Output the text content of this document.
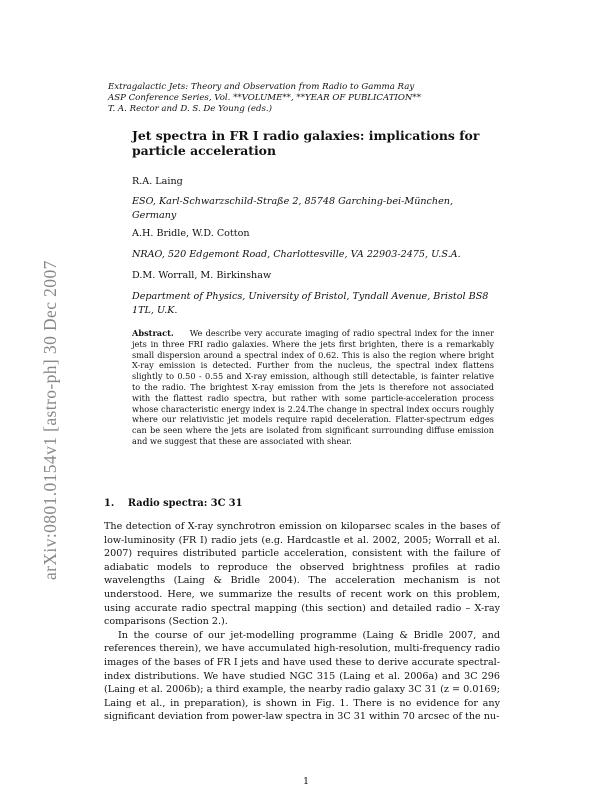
arXiv:0801.0154v1 [astro-ph] 30 Dec 2007
Extragalactic Jets: Theory and Observation from Radio to Gamma Ray
ASP Conference Series, Vol. **VOLUME**, **YEAR OF PUBLICATION**
T. A. Rector and D. S. De Young (eds.)
Jet spectra in FR I radio galaxies: implications for particle acceleration
R.A. Laing
ESO, Karl-Schwarzschild-Straße 2, 85748 Garching-bei-München, Germany
A.H. Bridle, W.D. Cotton
NRAO, 520 Edgemont Road, Charlottesville, VA 22903-2475, U.S.A.
D.M. Worrall, M. Birkinshaw
Department of Physics, University of Bristol, Tyndall Avenue, Bristol BS8 1TL, U.K.
Abstract. We describe very accurate imaging of radio spectral index for the inner jets in three FRI radio galaxies. Where the jets first brighten, there is a remarkably small dispersion around a spectral index of 0.62. This is also the region where bright X-ray emission is detected. Further from the nucleus, the spectral index flattens slightly to 0.50 - 0.55 and X-ray emission, although still detectable, is fainter relative to the radio. The brightest X-ray emission from the jets is therefore not associated with the flattest radio spectra, but rather with some particle-acceleration process whose characteristic energy index is 2.24.The change in spectral index occurs roughly where our relativistic jet models require rapid deceleration. Flatter-spectrum edges can be seen where the jets are isolated from significant surrounding diffuse emission and we suggest that these are associated with shear.
1. Radio spectra: 3C 31

The detection of X-ray synchrotron emission on kiloparsec scales in the bases of low-luminosity (FR I) radio jets (e.g. Hardcastle et al. 2002, 2005; Worrall et al. 2007) requires distributed particle acceleration, consistent with the failure of adiabatic models to reproduce the observed brightness profiles at radio wavelengths (Laing & Bridle 2004). The acceleration mechanism is not understood. Here, we summarize the results of recent work on this problem, using accurate radio spectral mapping (this section) and detailed radio – X-ray comparisons (Section 2.).

In the course of our jet-modelling programme (Laing & Bridle 2007, and references therein), we have accumulated high-resolution, multi-frequency radio images of the bases of FR I jets and have used these to derive accurate spectral-index distributions. We have studied NGC 315 (Laing et al. 2006a) and 3C 296 (Laing et al. 2006b); a third example, the nearby radio galaxy 3C 31 (z = 0.0169; Laing et al., in preparation), is shown in Fig. 1. There is no evidence for any significant deviation from power-law spectra in 3C 31 within 70 arcsec of the nu-

1
